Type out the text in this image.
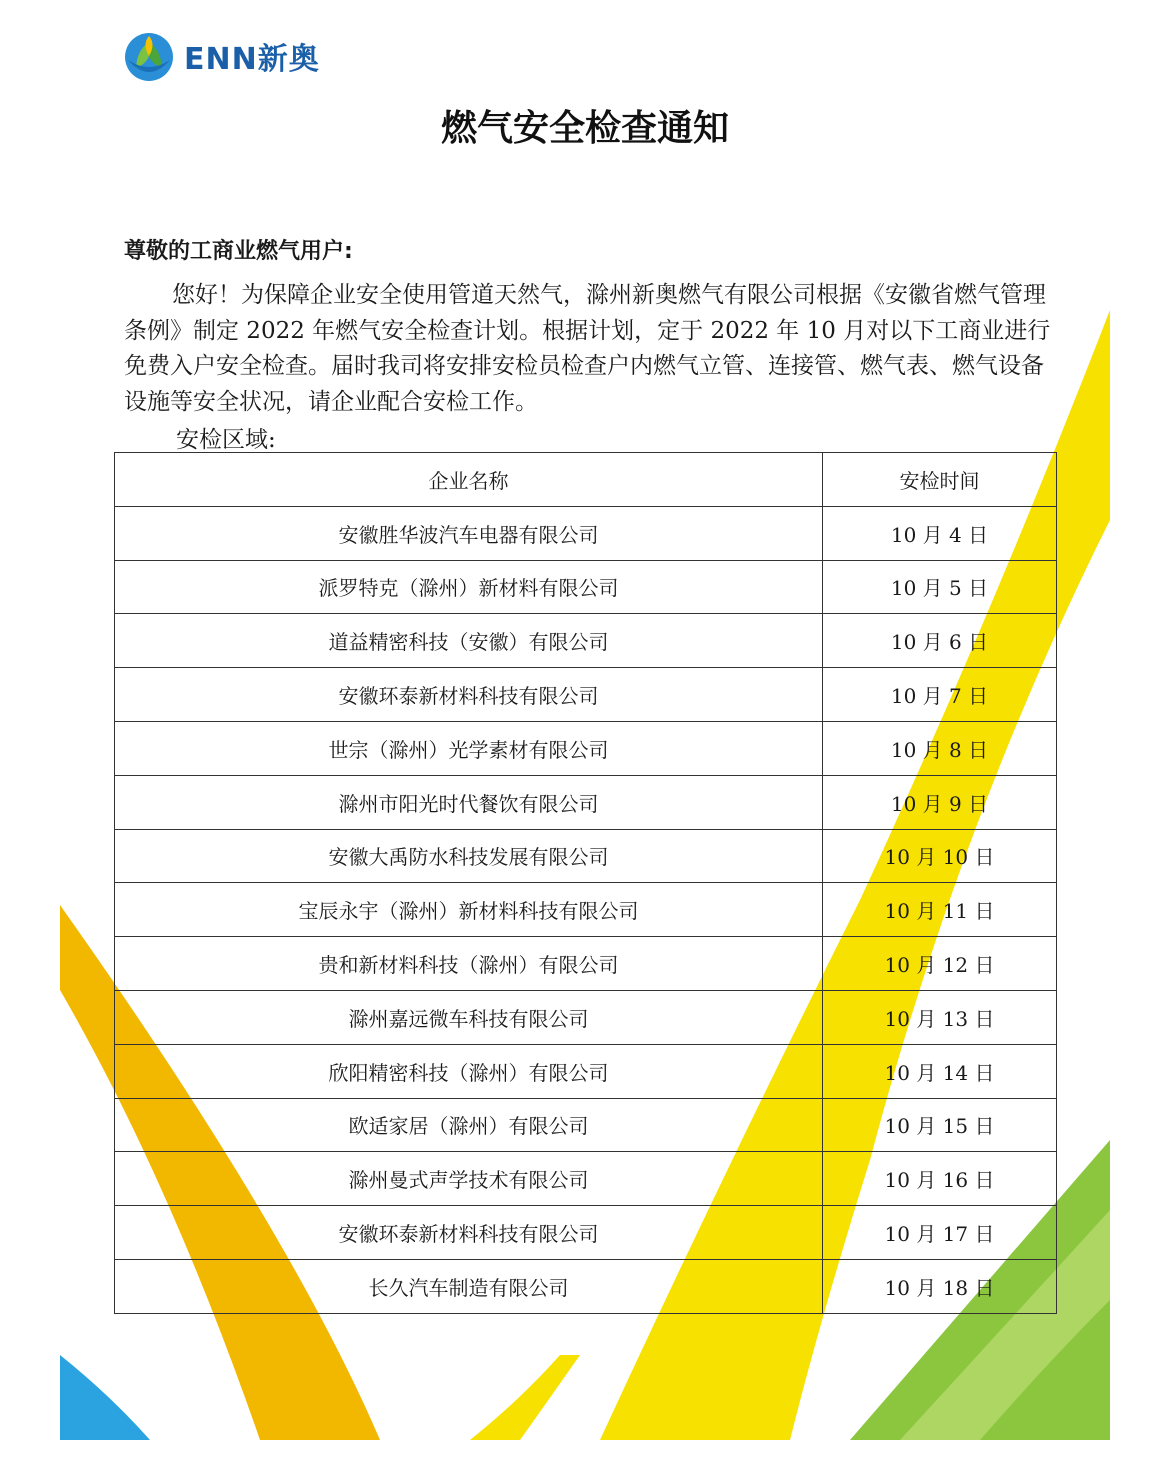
ENN新奥
燃气安全检查通知
尊敬的工商业燃气用户:
您好！为保障企业安全使用管道天然气，滁州新奥燃气有限公司根据《安徽省燃气管理条例》制定 2022 年燃气安全检查计划。根据计划，定于 2022 年 10 月对以下工商业进行免费入户安全检查。届时我司将安排安检员检查户内燃气立管、连接管、燃气表、燃气设备设施等安全状况，请企业配合安检工作。
安检区域:
企业名称	安检时间
安徽胜华波汽车电器有限公司	10 月 4 日
派罗特克（滁州）新材料有限公司	10 月 5 日
道益精密科技（安徽）有限公司	10 月 6 日
安徽环泰新材料科技有限公司	10 月 7 日
世宗（滁州）光学素材有限公司	10 月 8 日
滁州市阳光时代餐饮有限公司	10 月 9 日
安徽大禹防水科技发展有限公司	10 月 10 日
宝辰永宇（滁州）新材料科技有限公司	10 月 11 日
贵和新材料科技（滁州）有限公司	10 月 12 日
滁州嘉远微车科技有限公司	10 月 13 日
欣阳精密科技（滁州）有限公司	10 月 14 日
欧适家居（滁州）有限公司	10 月 15 日
滁州曼式声学技术有限公司	10 月 16 日
安徽环泰新材料科技有限公司	10 月 17 日
长久汽车制造有限公司	10 月 18 日
